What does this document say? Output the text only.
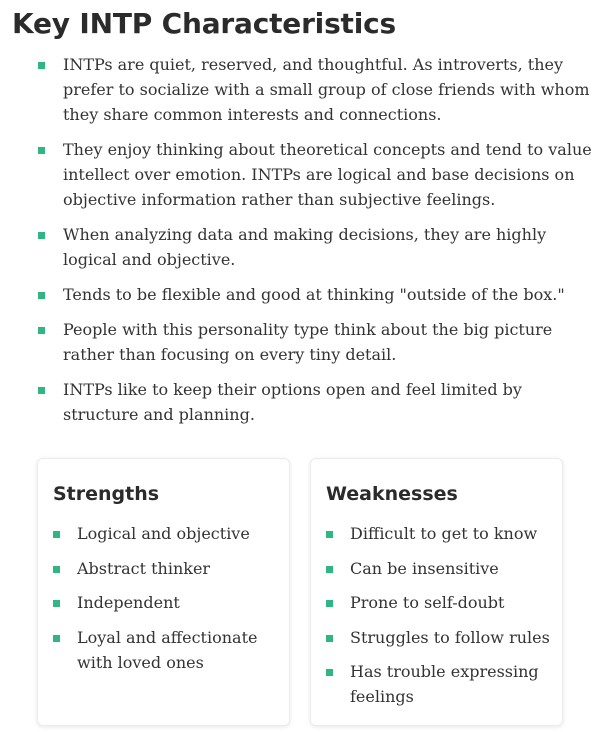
Key INTP Characteristics
INTPs are quiet, reserved, and thoughtful. As introverts, they prefer to socialize with a small group of close friends with whom they share common interests and connections.
They enjoy thinking about theoretical concepts and tend to value intellect over emotion. INTPs are logical and base decisions on objective information rather than subjective feelings.
When analyzing data and making decisions, they are highly logical and objective.
Tends to be flexible and good at thinking "outside of the box."
People with this personality type think about the big picture rather than focusing on every tiny detail.
INTPs like to keep their options open and feel limited by structure and planning.
Strengths
Logical and objective
Abstract thinker
Independent
Loyal and affectionate with loved ones
Weaknesses
Difficult to get to know
Can be insensitive
Prone to self-doubt
Struggles to follow rules
Has trouble expressing feelings
